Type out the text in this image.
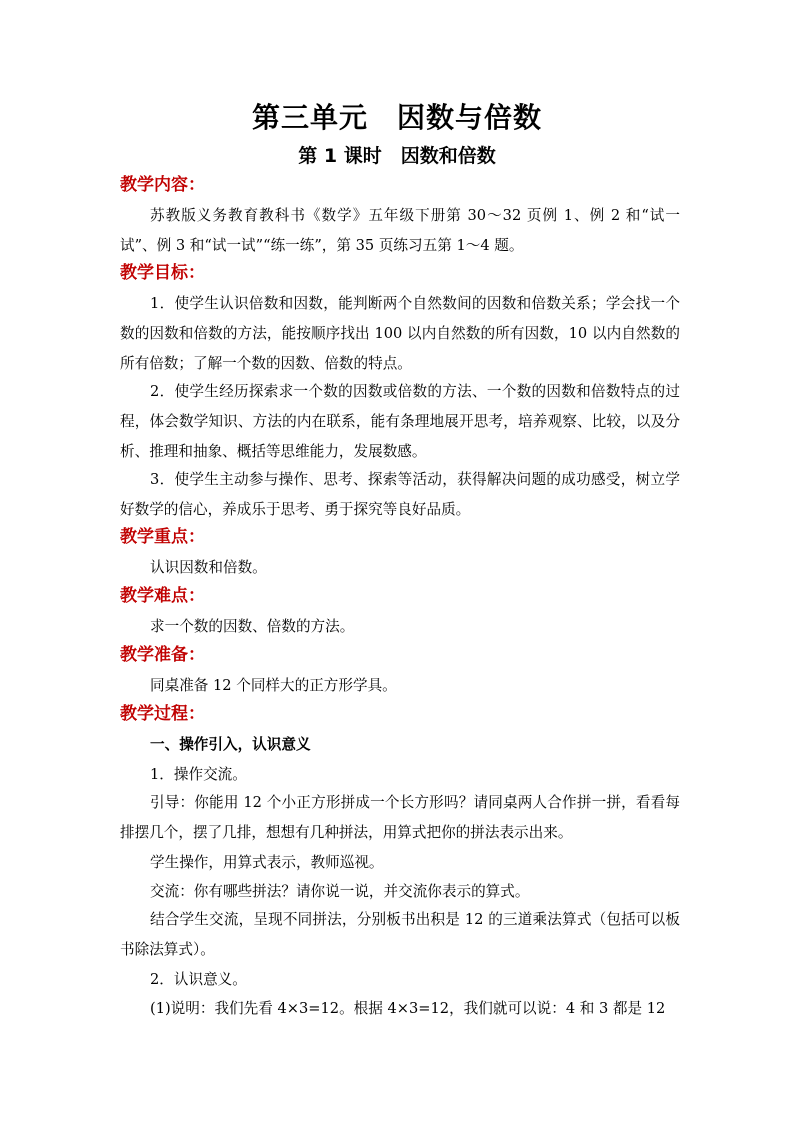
第三单元　因数与倍数
第 1 课时　因数和倍数
教学内容：

苏教版义务教育教科书《数学》五年级下册第 30～32 页例 1、例 2 和“试一试”、例 3 和“试一试”“练一练”，第 35 页练习五第 1～4 题。

教学目标：

1．使学生认识倍数和因数，能判断两个自然数间的因数和倍数关系；学会找一个数的因数和倍数的方法，能按顺序找出 100 以内自然数的所有因数，10 以内自然数的所有倍数；了解一个数的因数、倍数的特点。

2．使学生经历探索求一个数的因数或倍数的方法、一个数的因数和倍数特点的过程，体会数学知识、方法的内在联系，能有条理地展开思考，培养观察、比较，以及分析、推理和抽象、概括等思维能力，发展数感。

3．使学生主动参与操作、思考、探索等活动，获得解决问题的成功感受，树立学好数学的信心，养成乐于思考、勇于探究等良好品质。

教学重点：

认识因数和倍数。

教学难点：

求一个数的因数、倍数的方法。

教学准备：

同桌准备 12 个同样大的正方形学具。

教学过程：
一、操作引入，认识意义
1．操作交流。

引导：你能用 12 个小正方形拼成一个长方形吗？请同桌两人合作拼一拼，看看每排摆几个，摆了几排，想想有几种拼法，用算式把你的拼法表示出来。

学生操作，用算式表示，教师巡视。
交流：你有哪些拼法？请你说一说，并交流你表示的算式。

结合学生交流，呈现不同拼法，分别板书出积是 12 的三道乘法算式（包括可以板书除法算式）。

2．认识意义。
(1)说明：我们先看 4×3=12。根据 4×3=12，我们就可以说：4 和 3 都是 12
